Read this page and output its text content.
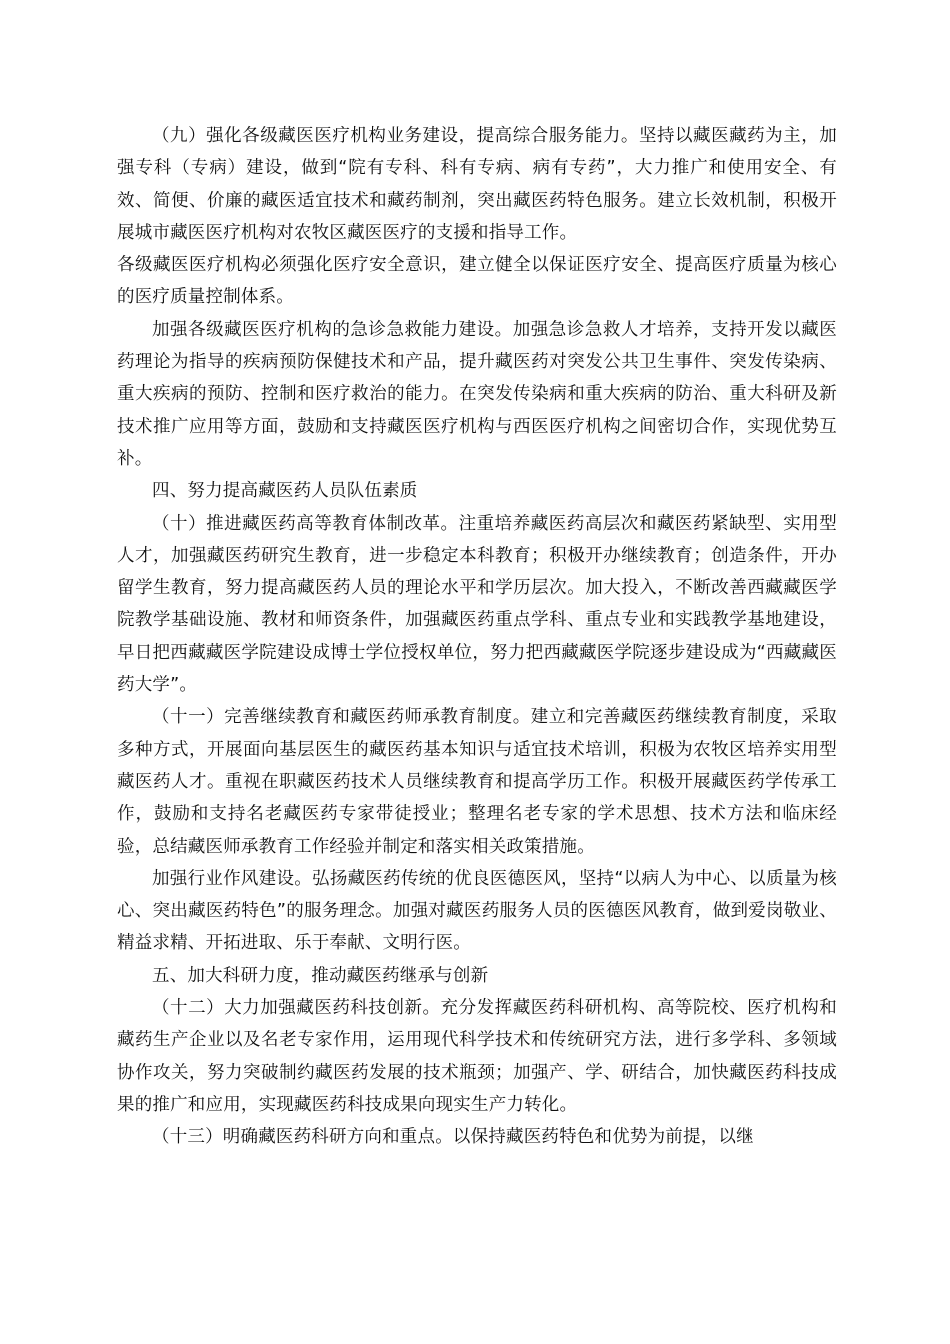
（九）强化各级藏医医疗机构业务建设，提高综合服务能力。坚持以藏医藏药为主，加强专科（专病）建设，做到“院有专科、科有专病、病有专药”，大力推广和使用安全、有效、简便、价廉的藏医适宜技术和藏药制剂，突出藏医药特色服务。建立长效机制，积极开展城市藏医医疗机构对农牧区藏医医疗的支援和指导工作。

各级藏医医疗机构必须强化医疗安全意识，建立健全以保证医疗安全、提高医疗质量为核心的医疗质量控制体系。

加强各级藏医医疗机构的急诊急救能力建设。加强急诊急救人才培养，支持开发以藏医药理论为指导的疾病预防保健技术和产品，提升藏医药对突发公共卫生事件、突发传染病、重大疾病的预防、控制和医疗救治的能力。在突发传染病和重大疾病的防治、重大科研及新技术推广应用等方面，鼓励和支持藏医医疗机构与西医医疗机构之间密切合作，实现优势互补。

四、努力提高藏医药人员队伍素质

（十）推进藏医药高等教育体制改革。注重培养藏医药高层次和藏医药紧缺型、实用型人才，加强藏医药研究生教育，进一步稳定本科教育；积极开办继续教育；创造条件，开办留学生教育，努力提高藏医药人员的理论水平和学历层次。加大投入，不断改善西藏藏医学院教学基础设施、教材和师资条件，加强藏医药重点学科、重点专业和实践教学基地建设，早日把西藏藏医学院建设成博士学位授权单位，努力把西藏藏医学院逐步建设成为“西藏藏医药大学”。

（十一）完善继续教育和藏医药师承教育制度。建立和完善藏医药继续教育制度，采取多种方式，开展面向基层医生的藏医药基本知识与适宜技术培训，积极为农牧区培养实用型藏医药人才。重视在职藏医药技术人员继续教育和提高学历工作。积极开展藏医药学传承工作，鼓励和支持名老藏医药专家带徒授业；整理名老专家的学术思想、技术方法和临床经验，总结藏医师承教育工作经验并制定和落实相关政策措施。

加强行业作风建设。弘扬藏医药传统的优良医德医风，坚持“以病人为中心、以质量为核心、突出藏医药特色”的服务理念。加强对藏医药服务人员的医德医风教育，做到爱岗敬业、精益求精、开拓进取、乐于奉献、文明行医。

五、加大科研力度，推动藏医药继承与创新

（十二）大力加强藏医药科技创新。充分发挥藏医药科研机构、高等院校、医疗机构和藏药生产企业以及名老专家作用，运用现代科学技术和传统研究方法，进行多学科、多领域协作攻关，努力突破制约藏医药发展的技术瓶颈；加强产、学、研结合，加快藏医药科技成果的推广和应用，实现藏医药科技成果向现实生产力转化。

（十三）明确藏医药科研方向和重点。以保持藏医药特色和优势为前提，以继
